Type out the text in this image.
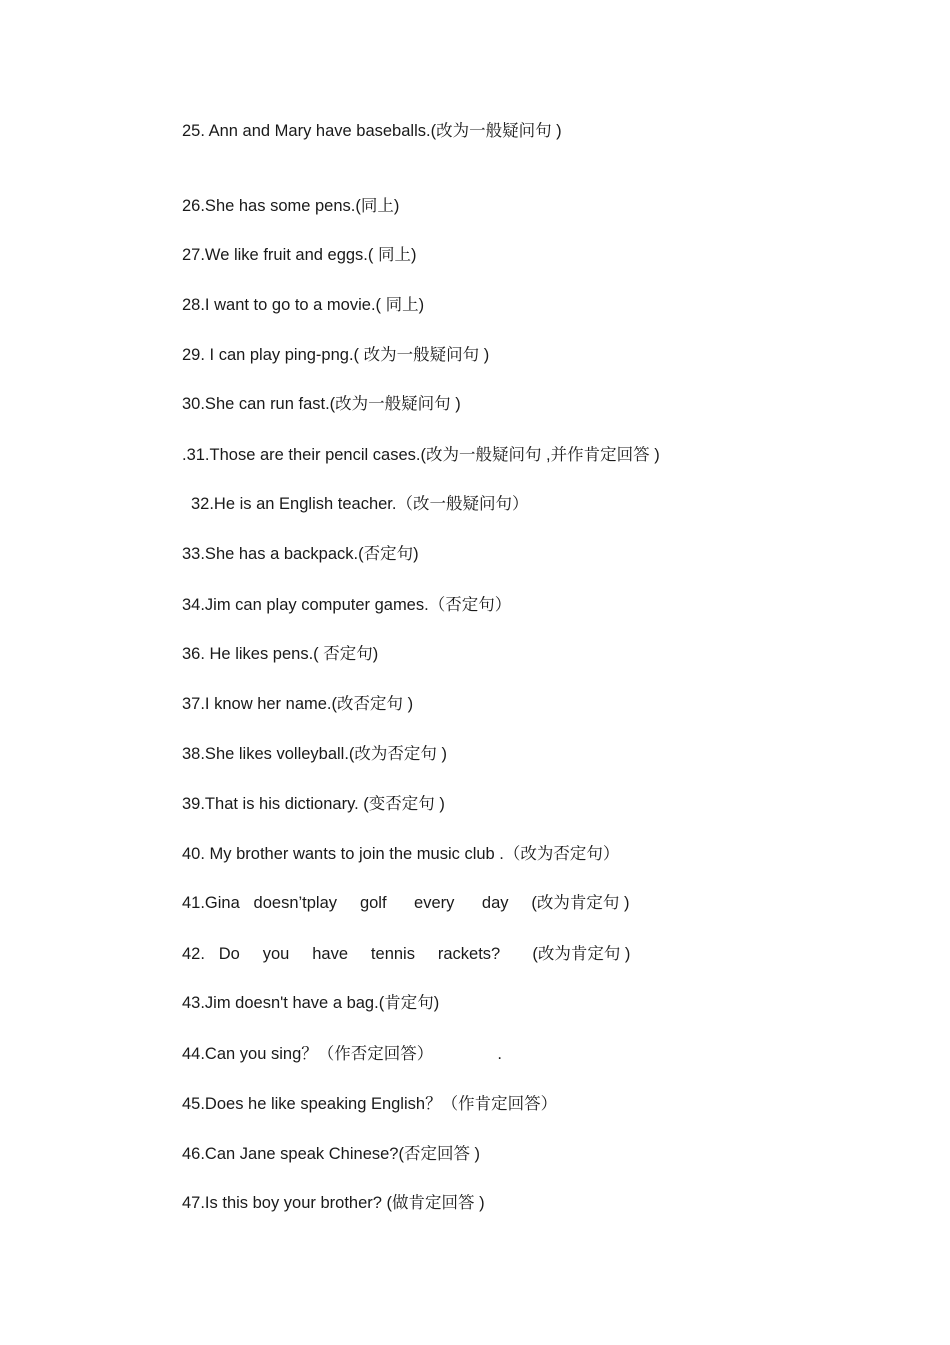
25. Ann and Mary have baseballs.(改为一般疑问句 )
26.She has some pens.(同上)
27.We like fruit and eggs.( 同上)
28.I want to go to a movie.( 同上)
29. I can play ping-png.( 改为一般疑问句 )
30.She can run fast.(改为一般疑问句 )
.31.Those are their pencil cases.(改为一般疑问句 ,并作肯定回答 )
32.He is an English teacher.（改一般疑问句）
33.She has a backpack.(否定句)
34.Jim can play computer games.（否定句）
36. He likes pens.( 否定句)
37.I know her name.(改否定句 )
38.She likes volleyball.(改为否定句 )
39.That is his dictionary. (变否定句 )
40. My brother wants to join the music club .（改为否定句）
41.Gina   doesn’tplay     golf      every      day     (改为肯定句 )
42.   Do     you     have     tennis     rackets?       (改为肯定句 )
43.Jim doesn't have a bag.(肯定句)
44.Can you sing？（作否定回答）              .
45.Does he like speaking English？（作肯定回答）
46.Can Jane speak Chinese?(否定回答 )
47.Is this boy your brother? (做肯定回答 )
